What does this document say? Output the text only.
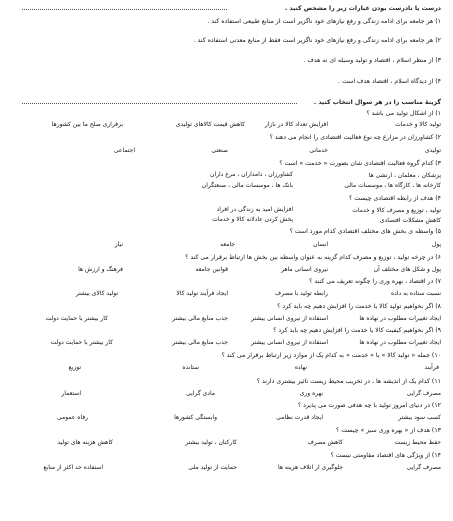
درست یا نادرست بودن عبارات زیر را مشخص کنید .
۱) هر جامعه برای ادامه زندگی و رفع نیازهای خود ناگزیر است از منابع طبیعی استفاده کند .
۲) هر جامعه برای ادامه زندگی و رفع نیازهای خود ناگزیر است فقط از منابع معدنی استفاده کند .
۳) از منظر اسلام ، اقتصاد و تولید وسیله ای نه هدف .
۴) از دیدگاه اسلام ، اقتصاد هدف است .
گزینهٔ مناسب را در هر سوال انتخاب کنید .
۱) از اشکال تولید می باشد ؟
تولید کالا و خدمات
افزایش تعداد کالا در بازار
کاهش قیمت کالاهای تولیدی
برقراری صلح ما بین کشورها
۲) کشاورزان در مزارع چه نوع فعالیت اقتصادی را انجام می دهند ؟
تولیدی
خدماتی
صنعتی
اجتماعی
۳) کدام گروه فعالیت اقتصادی شان بصورت « خدمت » است ؟
پزشکان ، معلمان ، ارتشی ها
کشاورزان ، دامداران ، مرغ داران
کارخانه ها ، کارگاه ها ، موسسات مالی
بانک ها ، موسسات مالی ، صنعتگران
۴) هدف از رابطه اقتصادی چیست ؟
تولید ، توزیع و مصرف کالا و خدمات
افزایش امید به زندگی در افراد
کاهش مشکلات اقتصادی
پخش کردن عادلانه کالا و خدمات
۵) واسطه ی بخش های مختلف اقتصادی کدام مورد است ؟
پول
انسان
جامعه
نیاز
۶) در چرخه تولید ، توزیع و مصرف کدام گزینه به عنوان واسطه بین بخش ها ارتباط برقرار می کند ؟
پول و شکل های مختلف آن
نیروی انسانی ماهر
قوانین جامعه
فرهنگ و ارزش ها
۷) در اقتصاد ، بهره وری را چگونه تعریف می کنند ؟
نسبت ستاده به داده
رابطه تولید با مصرف
ایجاد فرآیند تولید کالا
تولید کالای بیشتر
۸) اگر بخواهیم تولید کالا یا خدمت را افزایش دهیم چه باید کرد ؟
ایجاد تغییرات مطلوب در نهاده ها
استفاده از نیروی انسانی بیشتر
جذب منابع مالی بیشتر
کار بیشتر با حمایت دولت
۹) اگر بخواهیم کیفیت کالا یا خدمت را افزایش دهیم چه باید کرد ؟
ایجاد تغییرات مطلوب در نهاده ها
استفاده از نیروی انسانی بیشتر
جذب منابع مالی بیشتر
کار بیشتر با حمایت دولت
۱۰) جمله « تولید کالا » یا « خدمت » به کدام یک از موارد زیر ارتباط برقرار می کند ؟
فرآیند
نهاده
ستانده
توزیع
۱۱) کدام یک از اندیشه ها ، در تخریب محیط زیست تاثیر بیشتری دارند ؟
مصرف گرایی
بهره وری
مادی گرایی
استعمار
۱۲) در دنیای امروز تولید با چه هدفی صورت می پذیرد ؟
کسب سود بیشتر
ایجاد قدرت نظامی
وابستگی کشورها
رفاه عمومی
۱۳) هدف از « بهره وری سبز » چیست ؟
حفظ محیط زیست
کاهش مصرف
کارکنان ، تولید بیشتر
کاهش هزینه های تولید
۱۴) از ویژگی های اقتصاد مقاومتی نیست ؟
مصرف گرایی
جلوگیری از اتلاف هزینه ها
حمایت از تولید ملی
استفاده حد اکثر از منابع
